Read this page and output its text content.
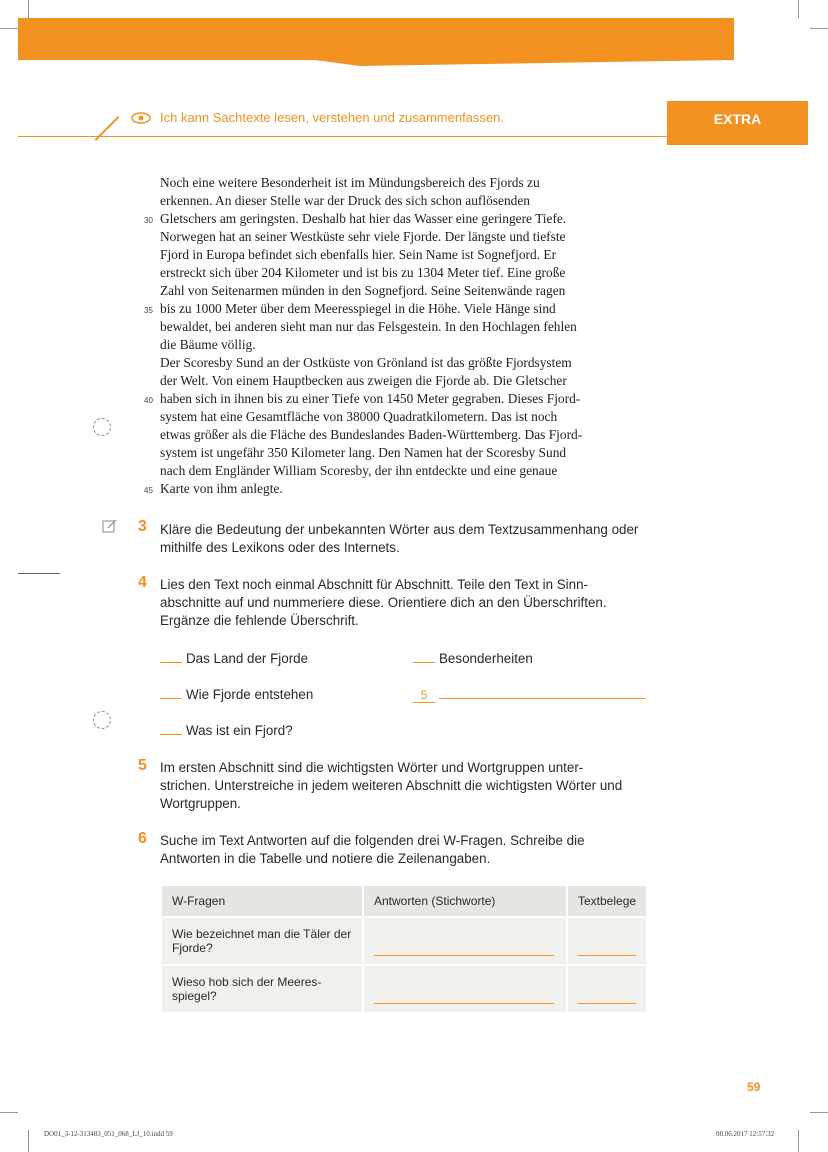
Ich kann Sachtexte lesen, verstehen und zusammenfassen.	EXTRA
Noch eine weitere Besonderheit ist im Mündungsbereich des Fjords zu
erkennen. An dieser Stelle war der Druck des sich schon auflösenden
30 Gletschers am geringsten. Deshalb hat hier das Wasser eine geringere Tiefe.
Norwegen hat an seiner Westküste sehr viele Fjorde. Der längste und tiefste
Fjord in Europa befindet sich ebenfalls hier. Sein Name ist Sognefjord. Er
erstreckt sich über 204 Kilometer und ist bis zu 1304 Meter tief. Eine große
Zahl von Seitenarmen münden in den Sognefjord. Seine Seitenwände ragen
35 bis zu 1000 Meter über dem Meeresspiegel in die Höhe. Viele Hänge sind
bewaldet, bei anderen sieht man nur das Felsgestein. In den Hochlagen fehlen
die Bäume völlig.
Der Scoresby Sund an der Ostküste von Grönland ist das größte Fjordsystem
der Welt. Von einem Hauptbecken aus zweigen die Fjorde ab. Die Gletscher
40 haben sich in ihnen bis zu einer Tiefe von 1450 Meter gegraben. Dieses Fjord-
system hat eine Gesamtfläche von 38000 Quadratkilometern. Das ist noch
etwas größer als die Fläche des Bundeslandes Baden-Württemberg. Das Fjord-
system ist ungefähr 350 Kilometer lang. Den Namen hat der Scoresby Sund
nach dem Engländer William Scoresby, der ihn entdeckte und eine genaue
45 Karte von ihm anlegte.
3 Kläre die Bedeutung der unbekannten Wörter aus dem Textzusammenhang oder
mithilfe des Lexikons oder des Internets.
4 Lies den Text noch einmal Abschnitt für Abschnitt. Teile den Text in Sinn-
abschnitte auf und nummeriere diese. Orientiere dich an den Überschriften.
Ergänze die fehlende Überschrift.
Das Land der Fjorde	Besonderheiten
Wie Fjorde entstehen	5
Was ist ein Fjord?
5 Im ersten Abschnitt sind die wichtigsten Wörter und Wortgruppen unter-
strichen. Unterstreiche in jedem weiteren Abschnitt die wichtigsten Wörter und
Wortgruppen.
6 Suche im Text Antworten auf die folgenden drei W-Fragen. Schreibe die
Antworten in die Tabelle und notiere die Zeilenangaben.
W-Fragen	Antworten (Stichworte)	Textbelege

Wie bezeichnet man die Täler der
Fjorde?		

Wieso hob sich der Meeres-
spiegel?		

59
DO01_3-12-313483_051_068_LJ_10.indd 59	08.06.2017 12:57:32
